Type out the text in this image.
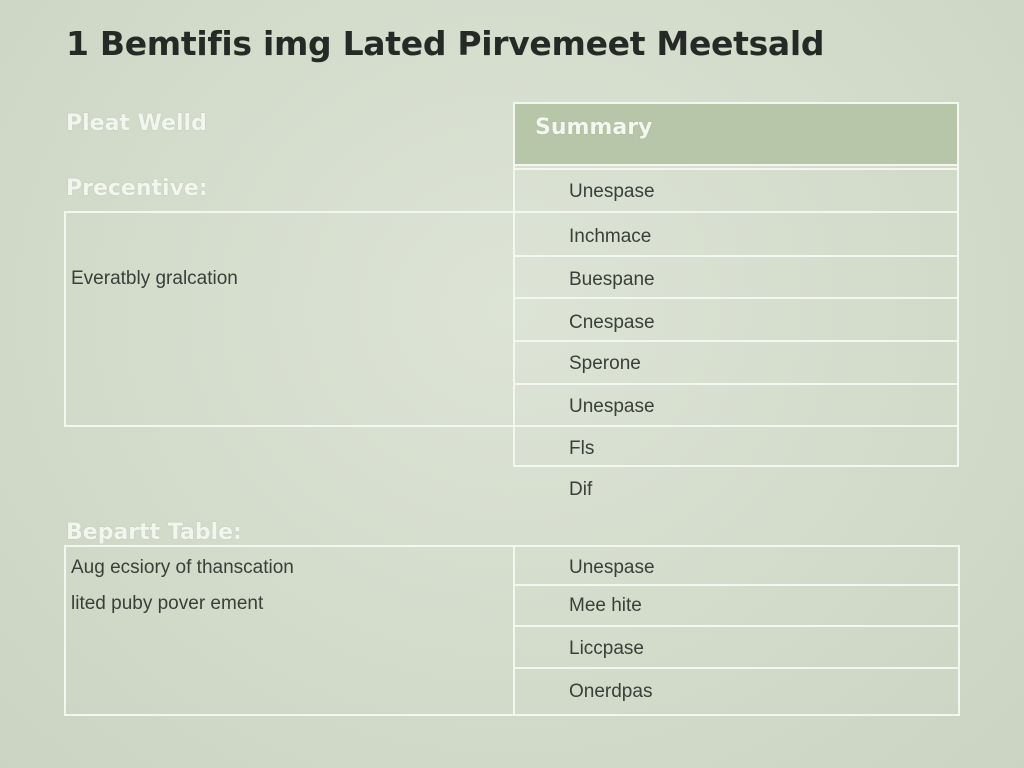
1 Bemtifis img Lated Pirvemeet Meetsald
Pleat Welld
Precentive:
Everatbly gralcation
Summary
Unespase
Inchmace
Buespane
Cnespase
Sperone
Unespase
Fls
Dif
Bepartt Table:
Aug ecsiory of thanscation
lited puby pover ement
Unespase
Mee hite
Liccpase
Onerdpas
